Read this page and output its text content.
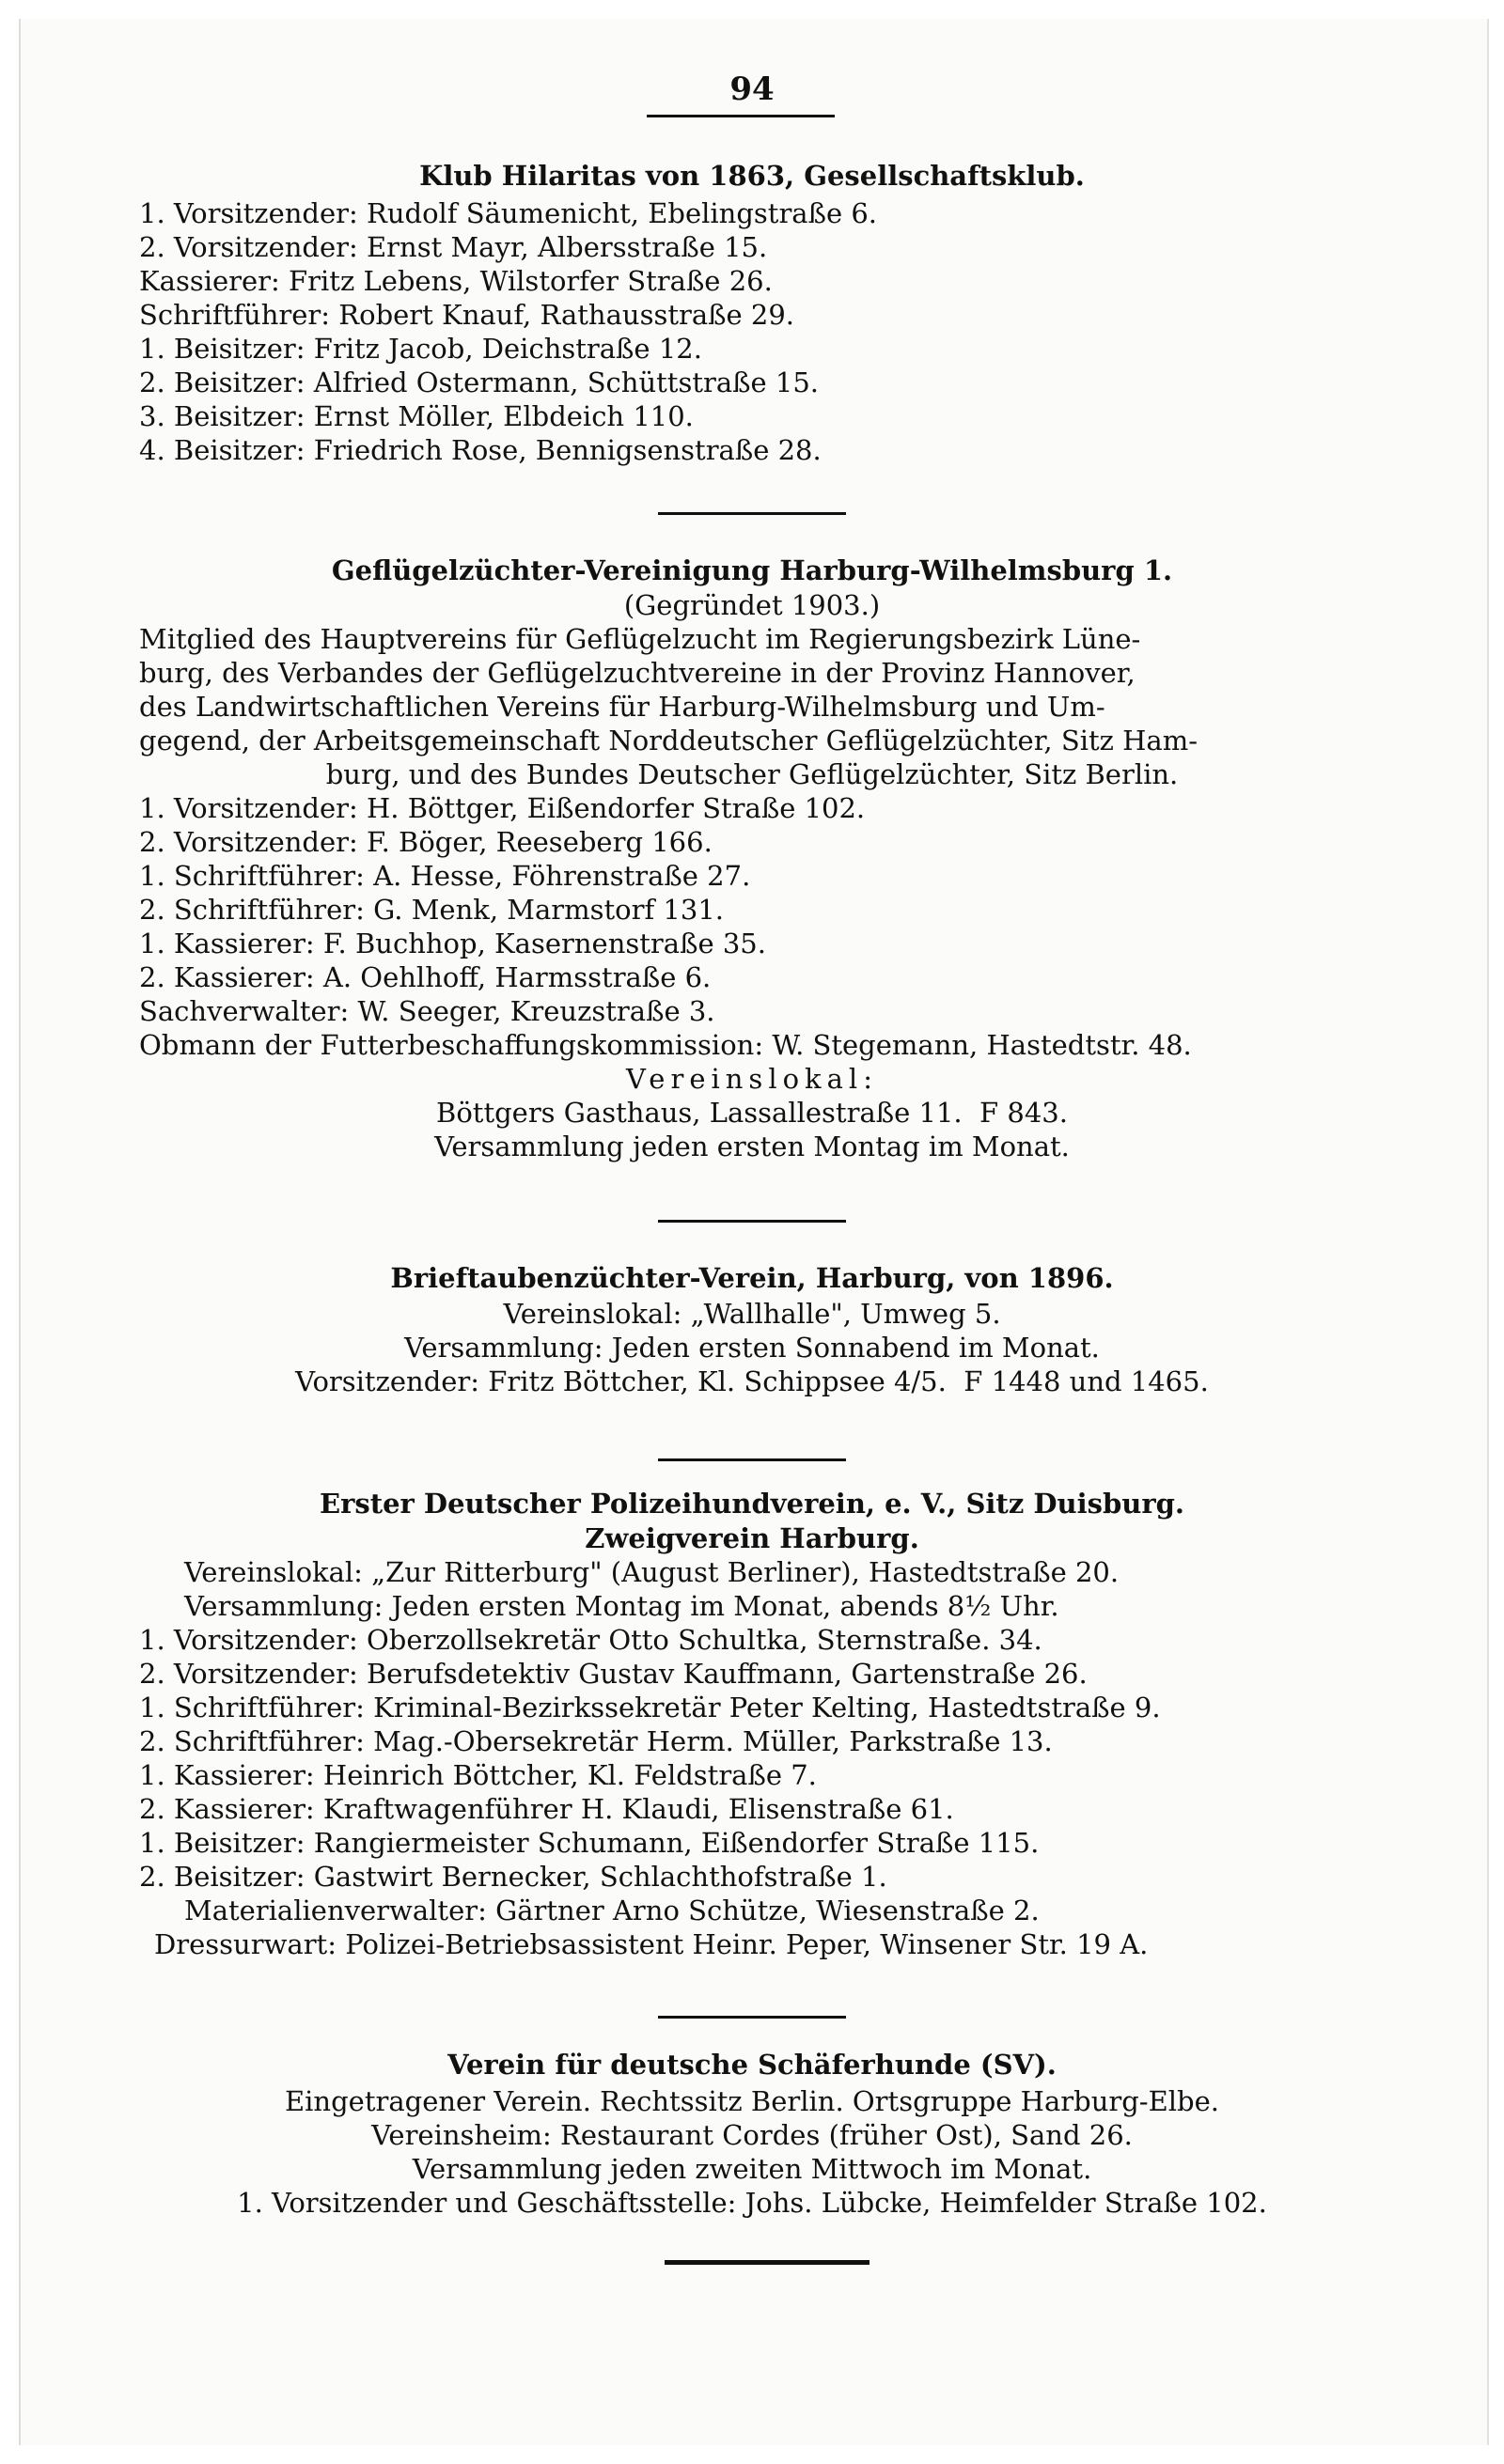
94
Klub Hilaritas von 1863, Gesellschaftsklub.
1. Vorsitzender: Rudolf Säumenicht, Ebelingstraße 6.
2. Vorsitzender: Ernst Mayr, Albersstraße 15.
Kassierer: Fritz Lebens, Wilstorfer Straße 26.
Schriftführer: Robert Knauf, Rathausstraße 29.
1. Beisitzer: Fritz Jacob, Deichstraße 12.
2. Beisitzer: Alfried Ostermann, Schüttstraße 15.
3. Beisitzer: Ernst Möller, Elbdeich 110.
4. Beisitzer: Friedrich Rose, Bennigsenstraße 28.
Geflügelzüchter-Vereinigung Harburg-Wilhelmsburg 1.
(Gegründet 1903.)
Mitglied des Hauptvereins für Geflügelzucht im Regierungsbezirk Lüne-
burg, des Verbandes der Geflügelzuchtvereine in der Provinz Hannover,
des Landwirtschaftlichen Vereins für Harburg-Wilhelmsburg und Um-
gegend, der Arbeitsgemeinschaft Norddeutscher Geflügelzüchter, Sitz Ham-
burg, und des Bundes Deutscher Geflügelzüchter, Sitz Berlin.
1. Vorsitzender: H. Böttger, Eißendorfer Straße 102.
2. Vorsitzender: F. Böger, Reeseberg 166.
1. Schriftführer: A. Hesse, Föhrenstraße 27.
2. Schriftführer: G. Menk, Marmstorf 131.
1. Kassierer: F. Buchhop, Kasernenstraße 35.
2. Kassierer: A. Oehlhoff, Harmsstraße 6.
Sachverwalter: W. Seeger, Kreuzstraße 3.
Obmann der Futterbeschaffungskommission: W. Stegemann, Hastedtstr. 48.
Vereinslokal:
Böttgers Gasthaus, Lassallestraße 11.  F 843.
Versammlung jeden ersten Montag im Monat.
Brieftaubenzüchter-Verein, Harburg, von 1896.
Vereinslokal: „Wallhalle", Umweg 5.
Versammlung: Jeden ersten Sonnabend im Monat.
Vorsitzender: Fritz Böttcher, Kl. Schippsee 4/5.  F 1448 und 1465.
Erster Deutscher Polizeihundverein, e. V., Sitz Duisburg.
Zweigverein Harburg.
Vereinslokal: „Zur Ritterburg" (August Berliner), Hastedtstraße 20.
Versammlung: Jeden ersten Montag im Monat, abends 8½ Uhr.
1. Vorsitzender: Oberzollsekretär Otto Schultka, Sternstraße. 34.
2. Vorsitzender: Berufsdetektiv Gustav Kauffmann, Gartenstraße 26.
1. Schriftführer: Kriminal-Bezirkssekretär Peter Kelting, Hastedtstraße 9.
2. Schriftführer: Mag.-Obersekretär Herm. Müller, Parkstraße 13.
1. Kassierer: Heinrich Böttcher, Kl. Feldstraße 7.
2. Kassierer: Kraftwagenführer H. Klaudi, Elisenstraße 61.
1. Beisitzer: Rangiermeister Schumann, Eißendorfer Straße 115.
2. Beisitzer: Gastwirt Bernecker, Schlachthofstraße 1.
Materialienverwalter: Gärtner Arno Schütze, Wiesenstraße 2.
Dressurwart: Polizei-Betriebsassistent Heinr. Peper, Winsener Str. 19 A.
Verein für deutsche Schäferhunde (SV).
Eingetragener Verein. Rechtssitz Berlin. Ortsgruppe Harburg-Elbe.
Vereinsheim: Restaurant Cordes (früher Ost), Sand 26.
Versammlung jeden zweiten Mittwoch im Monat.
1. Vorsitzender und Geschäftsstelle: Johs. Lübcke, Heimfelder Straße 102.
